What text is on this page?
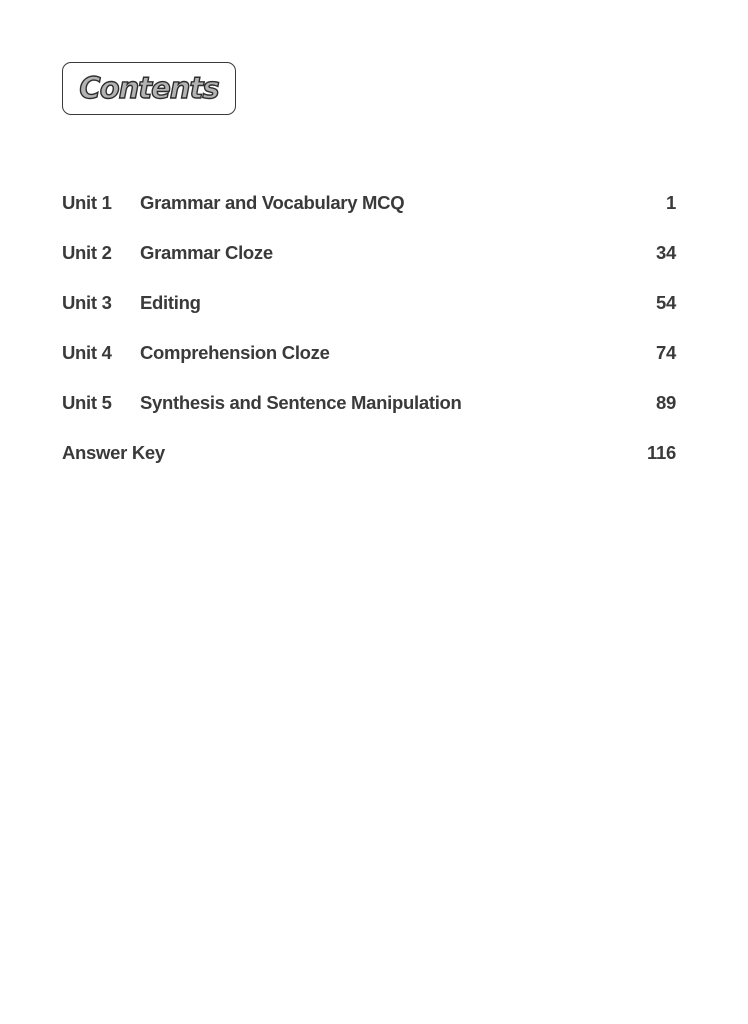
Contents
Unit 1 Grammar and Vocabulary MCQ	1
Unit 2 Grammar Cloze	34
Unit 3 Editing	54
Unit 4 Comprehension Cloze	74
Unit 5 Synthesis and Sentence Manipulation	89
Answer Key	116
